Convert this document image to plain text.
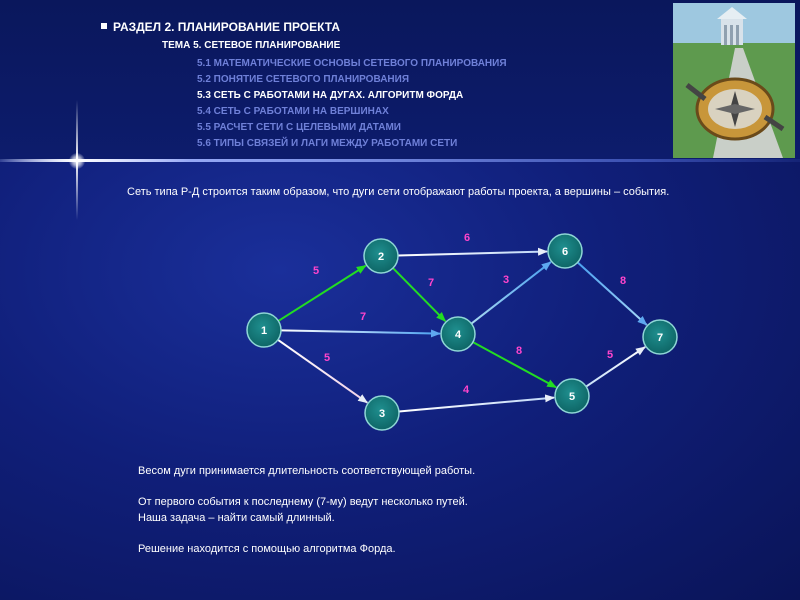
РАЗДЕЛ 2. ПЛАНИРОВАНИЕ ПРОЕКТА
ТЕМА 5. СЕТЕВОЕ ПЛАНИРОВАНИЕ
5.1 МАТЕМАТИЧЕСКИЕ ОСНОВЫ СЕТЕВОГО ПЛАНИРОВАНИЯ
5.2 ПОНЯТИЕ СЕТЕВОГО ПЛАНИРОВАНИЯ
5.3 СЕТЬ С РАБОТАМИ НА ДУГАХ. АЛГОРИТМ ФОРДА
5.4 СЕТЬ С РАБОТАМИ НА ВЕРШИНАХ
5.5 РАСЧЕТ СЕТИ С ЦЕЛЕВЫМИ ДАТАМИ
5.6 ТИПЫ СВЯЗЕЙ И ЛАГИ МЕЖДУ РАБОТАМИ СЕТИ
Сеть типа Р-Д строится таким образом, что дуги сети отображают работы проекта, а вершины – события.
5
7
5
6
7	3
8
4
8
5
1
2
3
4
5
6
7

Весом дуги принимается длительность соответствующей работы.

От первого события к последнему (7-му) ведут несколько путей.

Наша задача – найти самый длинный.

Решение находится с помощью алгоритма Форда.
